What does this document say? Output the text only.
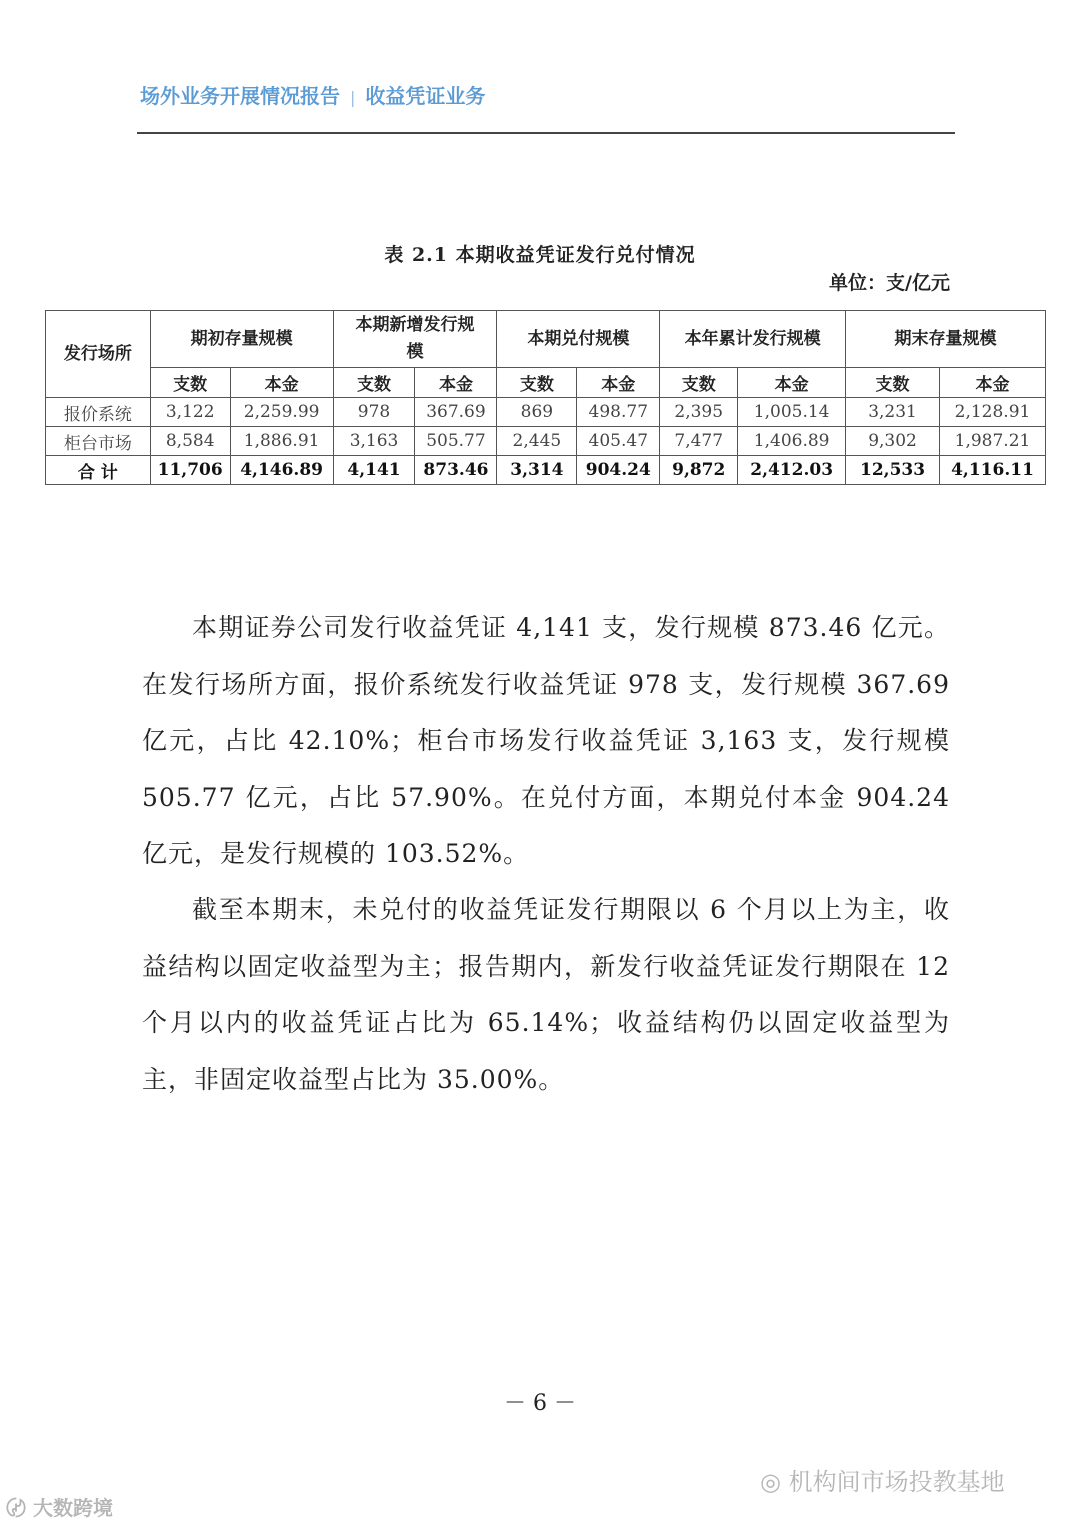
场外业务开展情况报告 | 收益凭证业务
表 2.1 本期收益凭证发行兑付情况
单位：支/亿元
发行场所	期初存量规模		本期新增发行规模		本期兑付规模		本年累计发行规模		期末存量规模	
	支数	本金	支数	本金	支数	本金	支数	本金	支数	本金
报价系统	3,122	2,259.99	978	367.69	869	498.77	2,395	1,005.14	3,231	2,128.91
柜台市场	8,584	1,886.91	3,163	505.77	2,445	405.47	7,477	1,406.89	9,302	1,987.21
合 计	11,706	4,146.89	4,141	873.46	3,314	904.24	9,872	2,412.03	12,533	4,116.11

本期证券公司发行收益凭证 4,141 支，发行规模 873.46 亿元。在发行场所方面，报价系统发行收益凭证 978 支，发行规模 367.69 亿元，占比 42.10%；柜台市场发行收益凭证 3,163 支，发行规模 505.77 亿元，占比 57.90%。在兑付方面，本期兑付本金 904.24 亿元，是发行规模的 103.52%。

截至本期末，未兑付的收益凭证发行期限以 6 个月以上为主，收益结构以固定收益型为主；报告期内，新发行收益凭证发行期限在 12 个月以内的收益凭证占比为 65.14%；收益结构仍以固定收益型为主，非固定收益型占比为 35.00%。

－ 6 －
◎ 机构间市场投教基地
〄 大数跨境
